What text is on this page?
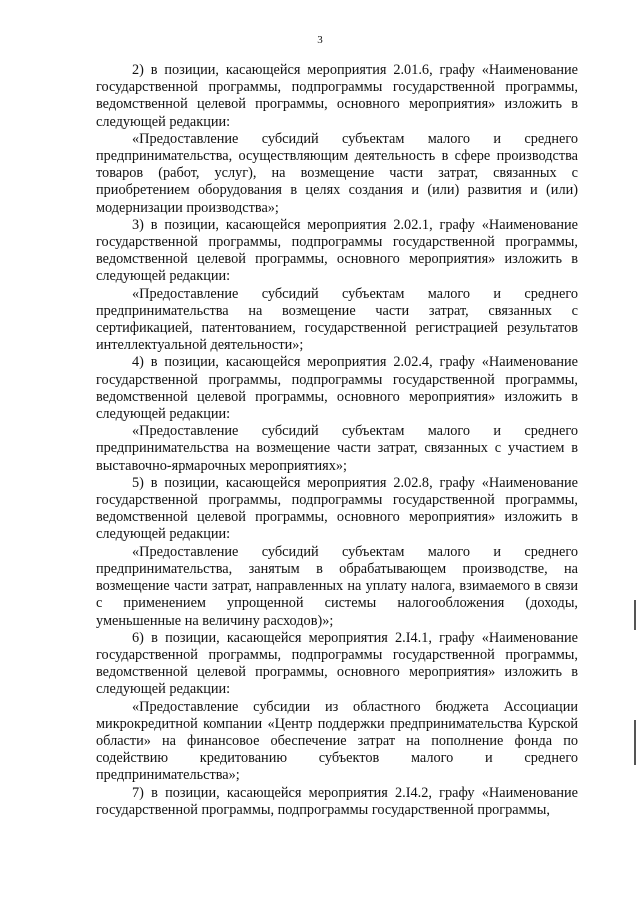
3

2) в позиции, касающейся мероприятия 2.01.6, графу «Наименование государственной программы, подпрограммы государственной программы, ведомственной целевой программы, основного мероприятия» изложить в следующей редакции:

«Предоставление субсидий субъектам малого и среднего предпринимательства, осуществляющим деятельность в сфере производства товаров (работ, услуг), на возмещение части затрат, связанных с приобретением оборудования в целях создания и (или) развития и (или) модернизации производства»;

3) в позиции, касающейся мероприятия 2.02.1, графу «Наименование государственной программы, подпрограммы государственной программы, ведомственной целевой программы, основного мероприятия» изложить в следующей редакции:

«Предоставление субсидий субъектам малого и среднего предпринимательства на возмещение части затрат, связанных с сертификацией, патентованием, государственной регистрацией результатов интеллектуальной деятельности»;

4) в позиции, касающейся мероприятия 2.02.4, графу «Наименование государственной программы, подпрограммы государственной программы, ведомственной целевой программы, основного мероприятия» изложить в следующей редакции:

«Предоставление субсидий субъектам малого и среднего предпринимательства на возмещение части затрат, связанных с участием в выставочно-ярмарочных мероприятиях»;

5) в позиции, касающейся мероприятия 2.02.8, графу «Наименование государственной программы, подпрограммы государственной программы, ведомственной целевой программы, основного мероприятия» изложить в следующей редакции:

«Предоставление субсидий субъектам малого и среднего предпринимательства, занятым в обрабатывающем производстве, на возмещение части затрат, направленных на уплату налога, взимаемого в связи с применением упрощенной системы налогообложения (доходы, уменьшенные на величину расходов)»;

6) в позиции, касающейся мероприятия 2.I4.1, графу «Наименование государственной программы, подпрограммы государственной программы, ведомственной целевой программы, основного мероприятия» изложить в следующей редакции:

«Предоставление субсидии из областного бюджета Ассоциации микрокредитной компании «Центр поддержки предпринимательства Курской области» на финансовое обеспечение затрат на пополнение фонда по содействию кредитованию субъектов малого и среднего предпринимательства»;

7) в позиции, касающейся мероприятия 2.I4.2, графу «Наименование государственной программы, подпрограммы государственной программы,
